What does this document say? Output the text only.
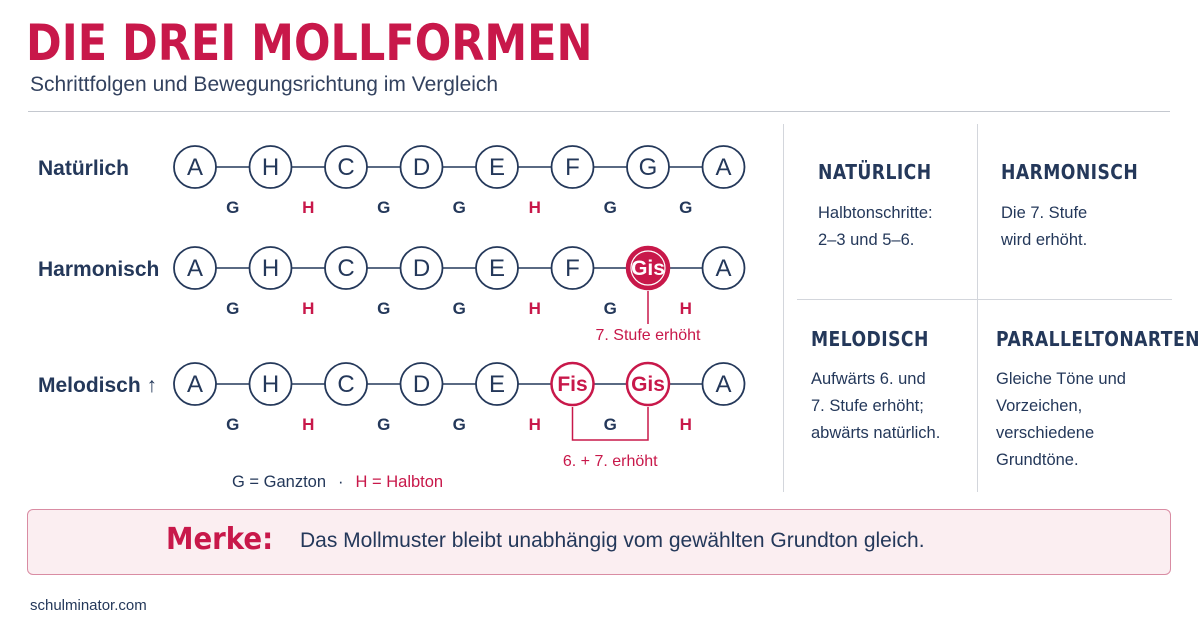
DIE DREI MOLLFORMEN
Schrittfolgen und Bewegungsrichtung im Vergleich
Natürlich A H C D E	F G A
G	H	G	G	H	G	G
Harmonisch A H C D E	F Gis A
G	H	G	G	H	G	H
7. Stufe erhöht
Melodisch ↑ A H C D E Fis Gis A
G	H	G	G	H	G	H
6. + 7. erhöht
G = Ganzton · H = Halbton
NATÜRLICH
Halbtonschritte:
2–3 und 5–6.
HARMONISCH
Die 7. Stufe
wird erhöht.
MELODISCH
Aufwärts 6. und
7. Stufe erhöht;
abwärts natürlich.
PARALLELTONARTEN
Gleiche Töne und
Vorzeichen,
verschiedene
Grundtöne.
Merke: Das Mollmuster bleibt unabhängig vom gewählten Grundton gleich.
schulminator.com
